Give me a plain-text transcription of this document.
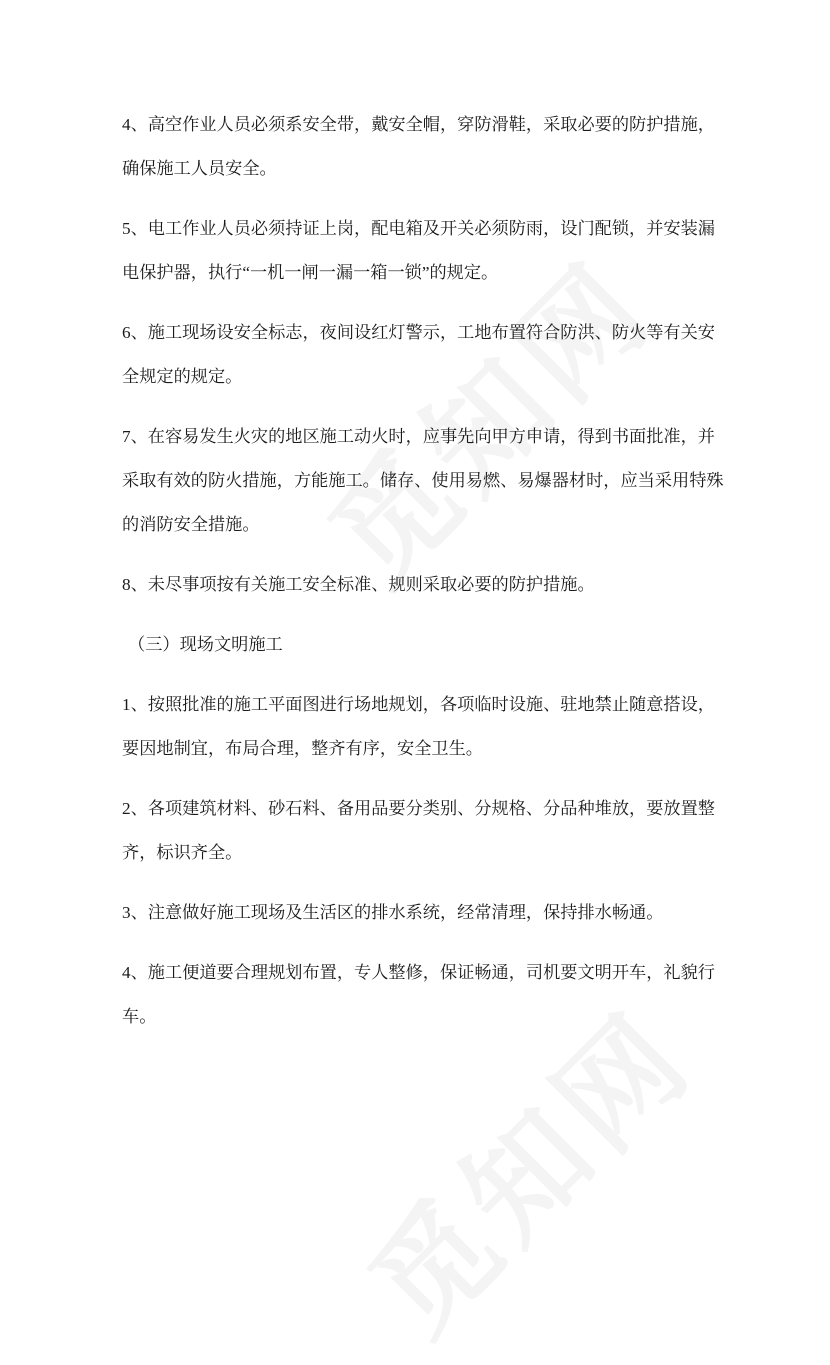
4、高空作业人员必须系安全带，戴安全帽，穿防滑鞋，采取必要的防护措施，
确保施工人员安全。
5、电工作业人员必须持证上岗，配电箱及开关必须防雨，设门配锁，并安装漏
电保护器，执行“一机一闸一漏一箱一锁”的规定。
6、施工现场设安全标志，夜间设红灯警示，工地布置符合防洪、防火等有关安
全规定的规定。
7、在容易发生火灾的地区施工动火时，应事先向甲方申请，得到书面批准，并
采取有效的防火措施，方能施工。储存、使用易燃、易爆器材时，应当采用特殊
的消防安全措施。
8、未尽事项按有关施工安全标准、规则采取必要的防护措施。
（三）现场文明施工
1、按照批准的施工平面图进行场地规划，各项临时设施、驻地禁止随意搭设，
要因地制宜，布局合理，整齐有序，安全卫生。
2、各项建筑材料、砂石料、备用品要分类别、分规格、分品种堆放，要放置整
齐，标识齐全。
3、注意做好施工现场及生活区的排水系统，经常清理，保持排水畅通。
4、施工便道要合理规划布置，专人整修，保证畅通，司机要文明开车，礼貌行
车。
